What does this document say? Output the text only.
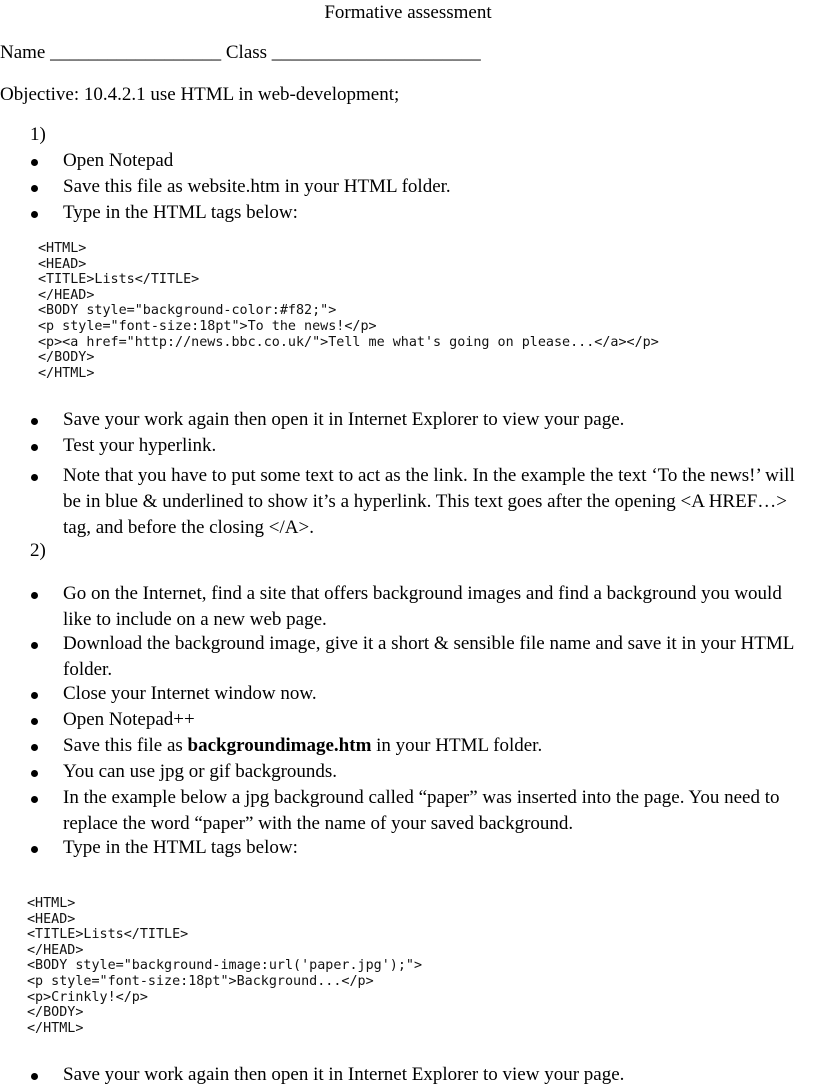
Formative assessment
Name __________________ Class ______________________
Objective: 10.4.2.1 use HTML in web-development;
1)
Open Notepad
Save this file as website.htm in your HTML folder.
Type in the HTML tags below:
<HTML>
<HEAD>
<TITLE>Lists</TITLE>
</HEAD>
<BODY style="background-color:#f82;">
<p style="font-size:18pt">To the news!</p>
<p><a href="http://news.bbc.co.uk/">Tell me what's going on please...</a></p>
</BODY>
</HTML>
Save your work again then open it in Internet Explorer to view your page.
Test your hyperlink.
Note that you have to put some text to act as the link. In the example the text ‘To the news!’ will be in blue & underlined to show it’s a hyperlink. This text goes after the opening <A HREF…> tag, and before the closing </A>.
2)
Go on the Internet, find a site that offers background images and find a background you would like to include on a new web page.
Download the background image, give it a short & sensible file name and save it in your HTML folder.
Close your Internet window now.
Open Notepad++
Save this file as backgroundimage.htm in your HTML folder.
You can use jpg or gif backgrounds.
In the example below a jpg background called “paper” was inserted into the page. You need to replace the word “paper” with the name of your saved background.
Type in the HTML tags below:
<HTML>
<HEAD>
<TITLE>Lists</TITLE>
</HEAD>
<BODY style="background-image:url('paper.jpg');">
<p style="font-size:18pt">Background...</p>
<p>Crinkly!</p>
</BODY>
</HTML>
Save your work again then open it in Internet Explorer to view your page.
